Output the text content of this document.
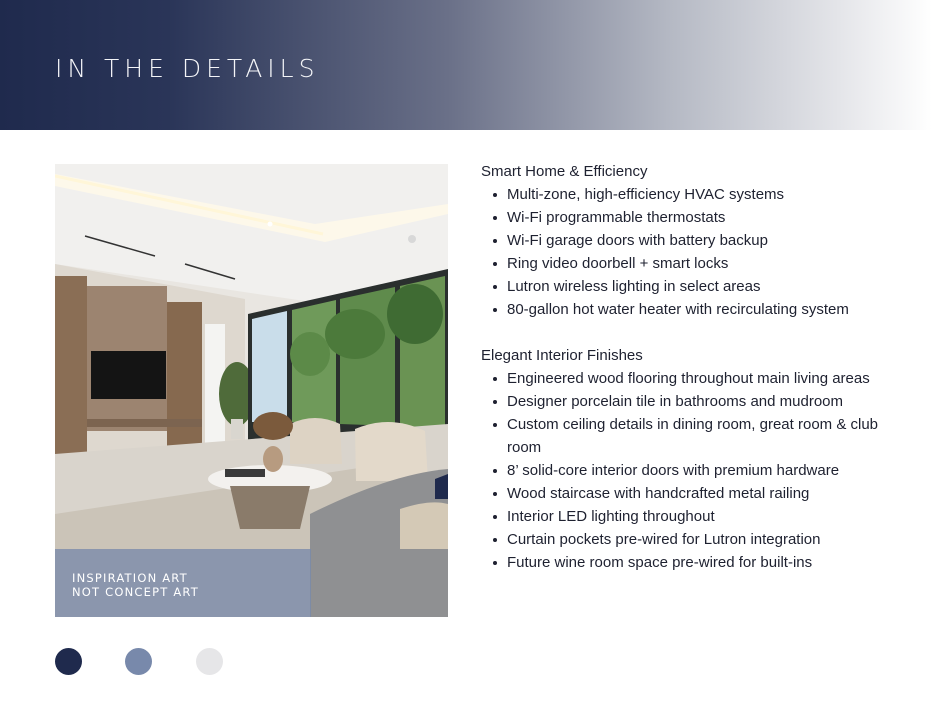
IN THE DETAILS
INSPIRATION ART
NOT CONCEPT ART
Smart Home & Efficiency
Multi-zone, high-efficiency HVAC systems
Wi-Fi programmable thermostats
Wi-Fi garage doors with battery backup
Ring video doorbell + smart locks
Lutron wireless lighting in select areas
80-gallon hot water heater with recirculating system
Elegant Interior Finishes
Engineered wood flooring throughout main living areas
Designer porcelain tile in bathrooms and mudroom
Custom ceiling details in dining room, great room & club room
8’ solid-core interior doors with premium hardware
Wood staircase with handcrafted metal railing
Interior LED lighting throughout
Curtain pockets pre-wired for Lutron integration
Future wine room space pre-wired for built-ins
